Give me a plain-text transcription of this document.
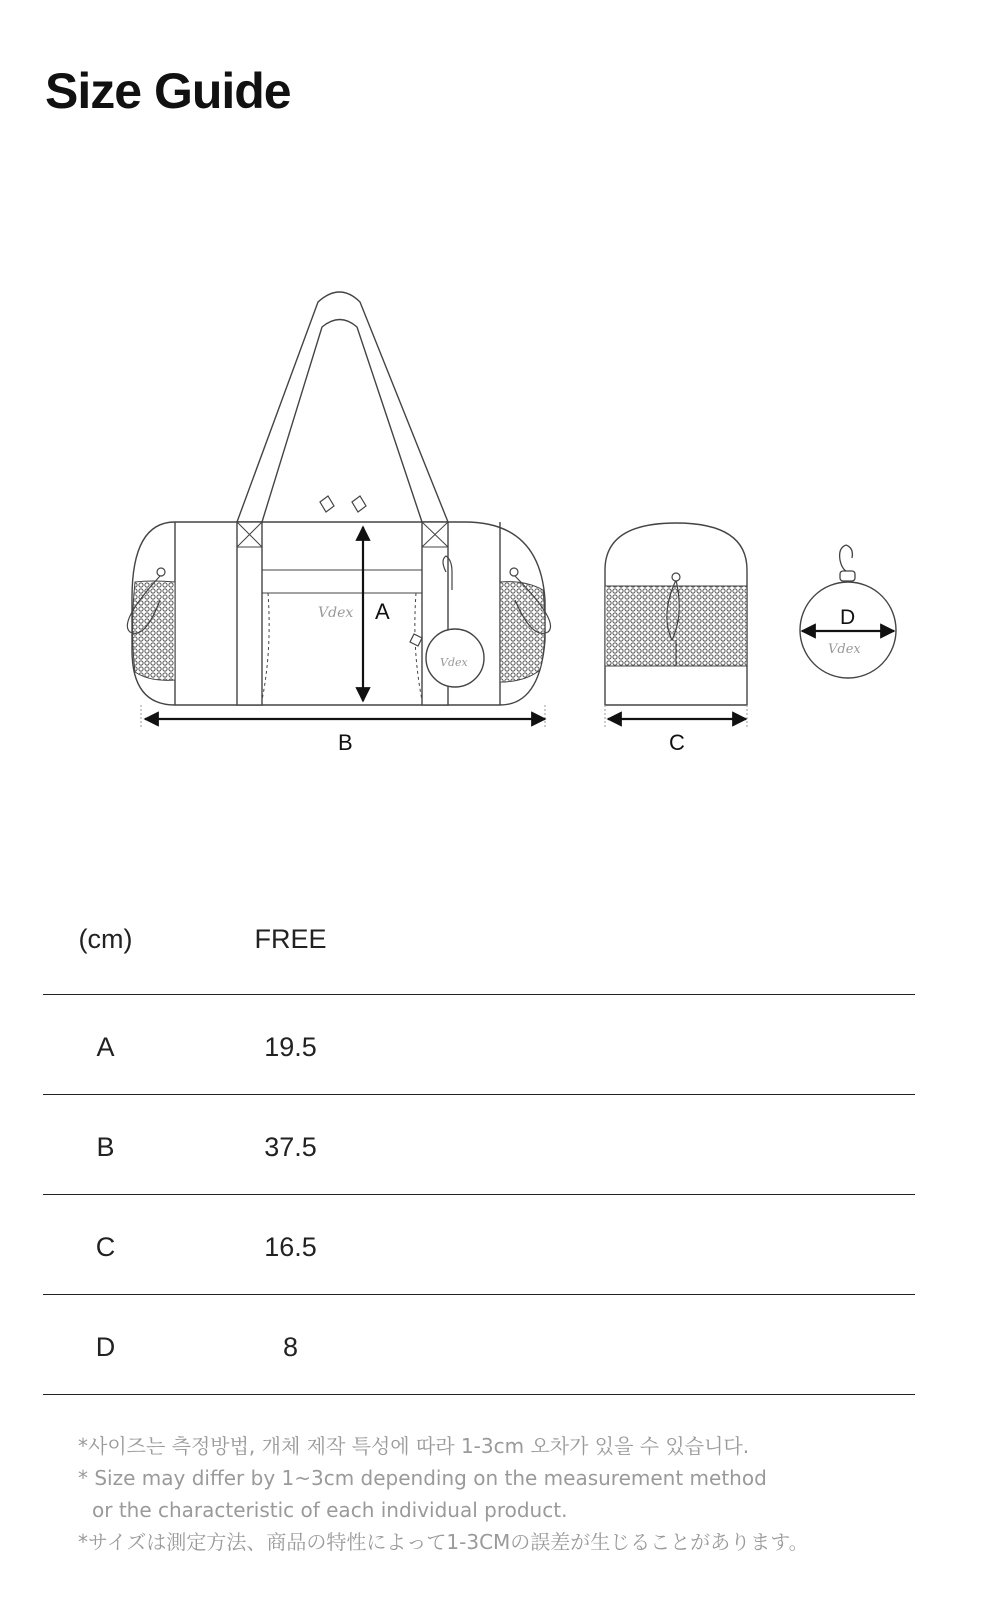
Size Guide
Vdex
Vdex
A
B	C
Vdex
D
(cm)	FREE
A	19.5
B	37.5
C	16.5
D	8

*사이즈는 측정방법, 개체 제작 특성에 따라 1-3cm 오차가 있을 수 있습니다.

* Size may differ by 1~3cm depending on the measurement method

or the characteristic of each individual product.

*サイズは測定方法、商品の特性によって1-3CMの誤差が生じることがあります。
